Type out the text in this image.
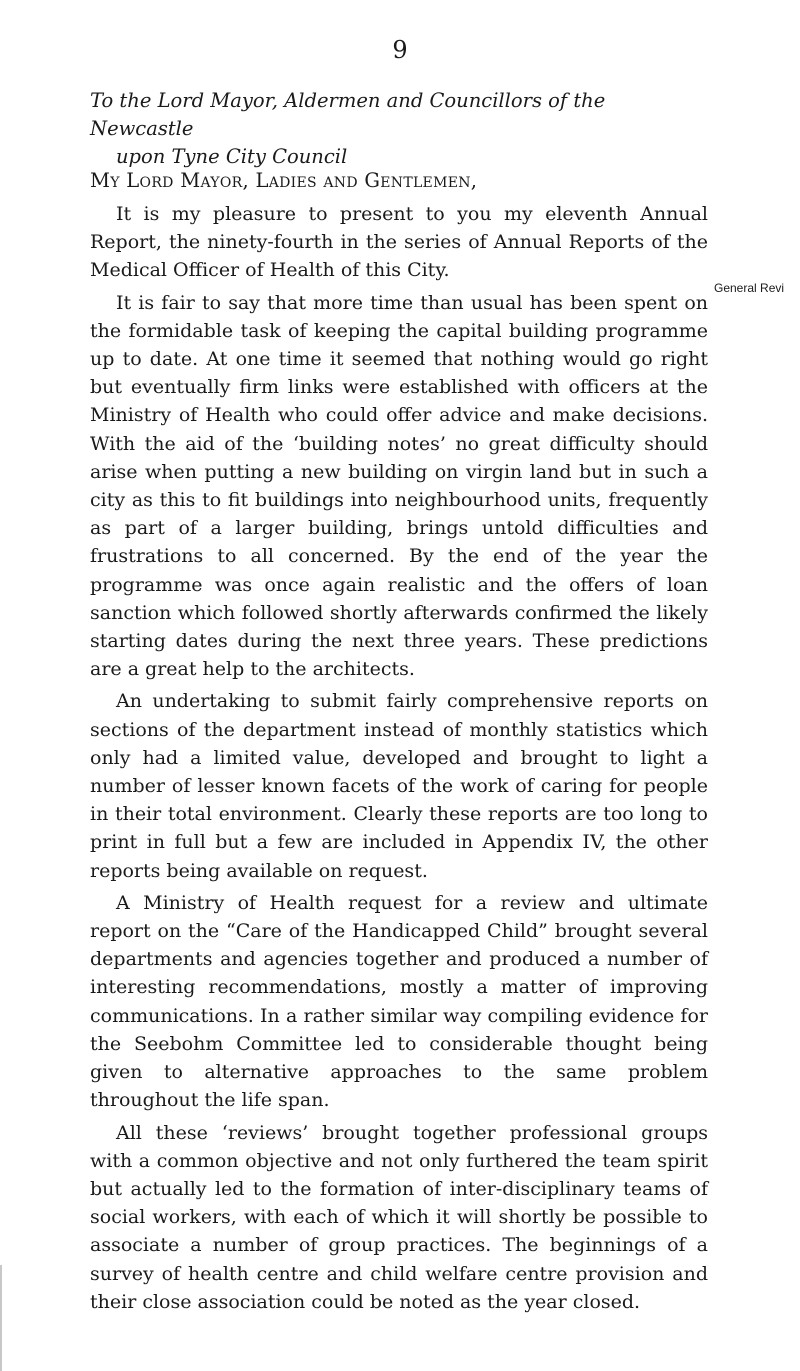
9
To the Lord Mayor, Aldermen and Councillors of the Newcastle
upon Tyne City Council
My Lord Mayor, Ladies and Gentlemen,

It is my pleasure to present to you my eleventh Annual Report, the ninety-fourth in the series of Annual Reports of the Medical Officer of Health of this City.

It is fair to say that more time than usual has been spent on the formidable task of keeping the capital building programme up to date. At one time it seemed that nothing would go right but eventually firm links were established with officers at the Ministry of Health who could offer advice and make decisions. With the aid of the ‘building notes’ no great difficulty should arise when putting a new building on virgin land but in such a city as this to fit buildings into neighbourhood units, frequently as part of a larger building, brings untold difficulties and frustrations to all concerned. By the end of the year the programme was once again realistic and the offers of loan sanction which followed shortly afterwards confirmed the likely starting dates during the next three years. These predictions are a great help to the architects.

An undertaking to submit fairly comprehensive reports on sections of the department instead of monthly statistics which only had a limited value, developed and brought to light a number of lesser known facets of the work of caring for people in their total environment. Clearly these reports are too long to print in full but a few are included in Appendix IV, the other reports being available on request.

A Ministry of Health request for a review and ultimate report on the “Care of the Handicapped Child” brought several departments and agencies together and produced a number of interesting recommendations, mostly a matter of improving communications. In a rather similar way compiling evidence for the Seebohm Committee led to considerable thought being given to alternative approaches to the same problem throughout the life span.

All these ‘reviews’ brought together professional groups with a common objective and not only furthered the team spirit but actually led to the formation of inter-disciplinary teams of social workers, with each of which it will shortly be possible to associate a number of group practices. The beginnings of a survey of health centre and child welfare centre provision and their close association could be noted as the year closed.

General Revi
